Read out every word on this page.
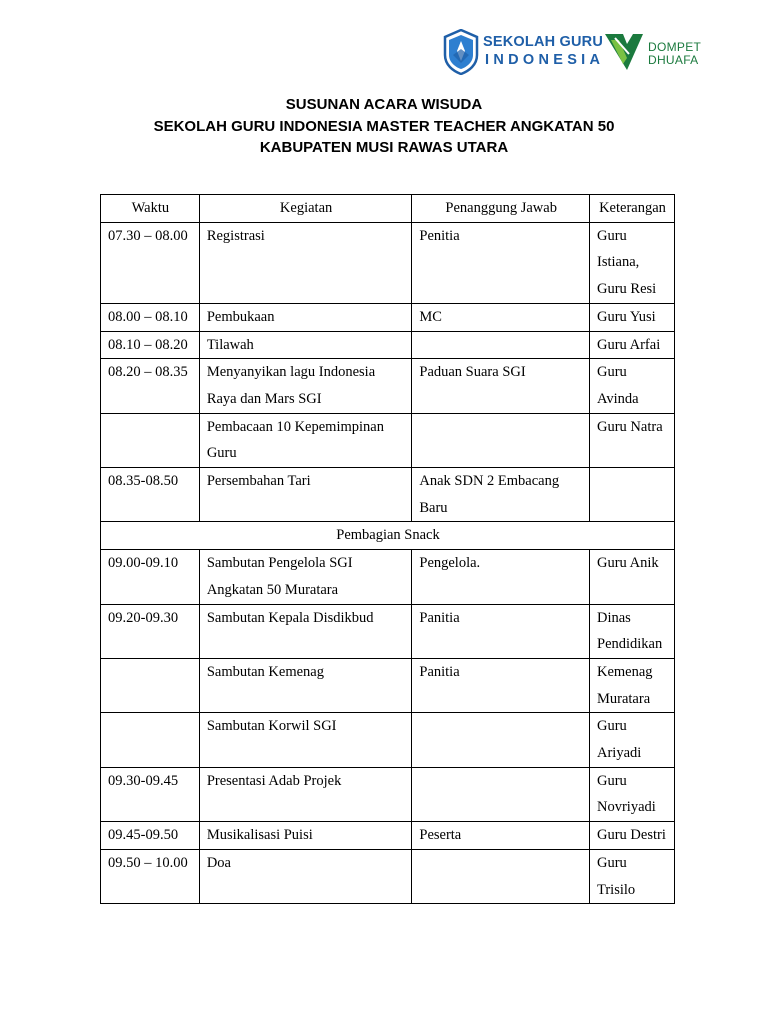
SEKOLAH GURU
INDONESIA
DOMPET
DHUAFA
SUSUNAN ACARA WISUDA
SEKOLAH GURU INDONESIA MASTER TEACHER ANGKATAN 50
KABUPATEN MUSI RAWAS UTARA
Waktu	Kegiatan	Penanggung Jawab	Keterangan
07.30 – 08.00	Registrasi	Penitia	Guru Istiana, Guru Resi
08.00 – 08.10	Pembukaan	MC	Guru Yusi
08.10 – 08.20	Tilawah		Guru Arfai
08.20 – 08.35	Menyanyikan lagu Indonesia Raya dan Mars SGI	Paduan Suara SGI	Guru Avinda
	Pembacaan 10 Kepemimpinan Guru		Guru Natra
08.35-08.50	Persembahan Tari	Anak SDN 2 Embacang Baru	
Pembagian Snack			
09.00-09.10	Sambutan Pengelola SGI Angkatan 50 Muratara	Pengelola.	Guru Anik
09.20-09.30	Sambutan Kepala Disdikbud	Panitia	Dinas Pendidikan
	Sambutan Kemenag	Panitia	Kemenag Muratara
	Sambutan Korwil SGI		Guru Ariyadi
09.30-09.45	Presentasi Adab Projek		Guru Novriyadi
09.45-09.50	Musikalisasi Puisi	Peserta	Guru Destri
09.50 – 10.00	Doa		Guru Trisilo
